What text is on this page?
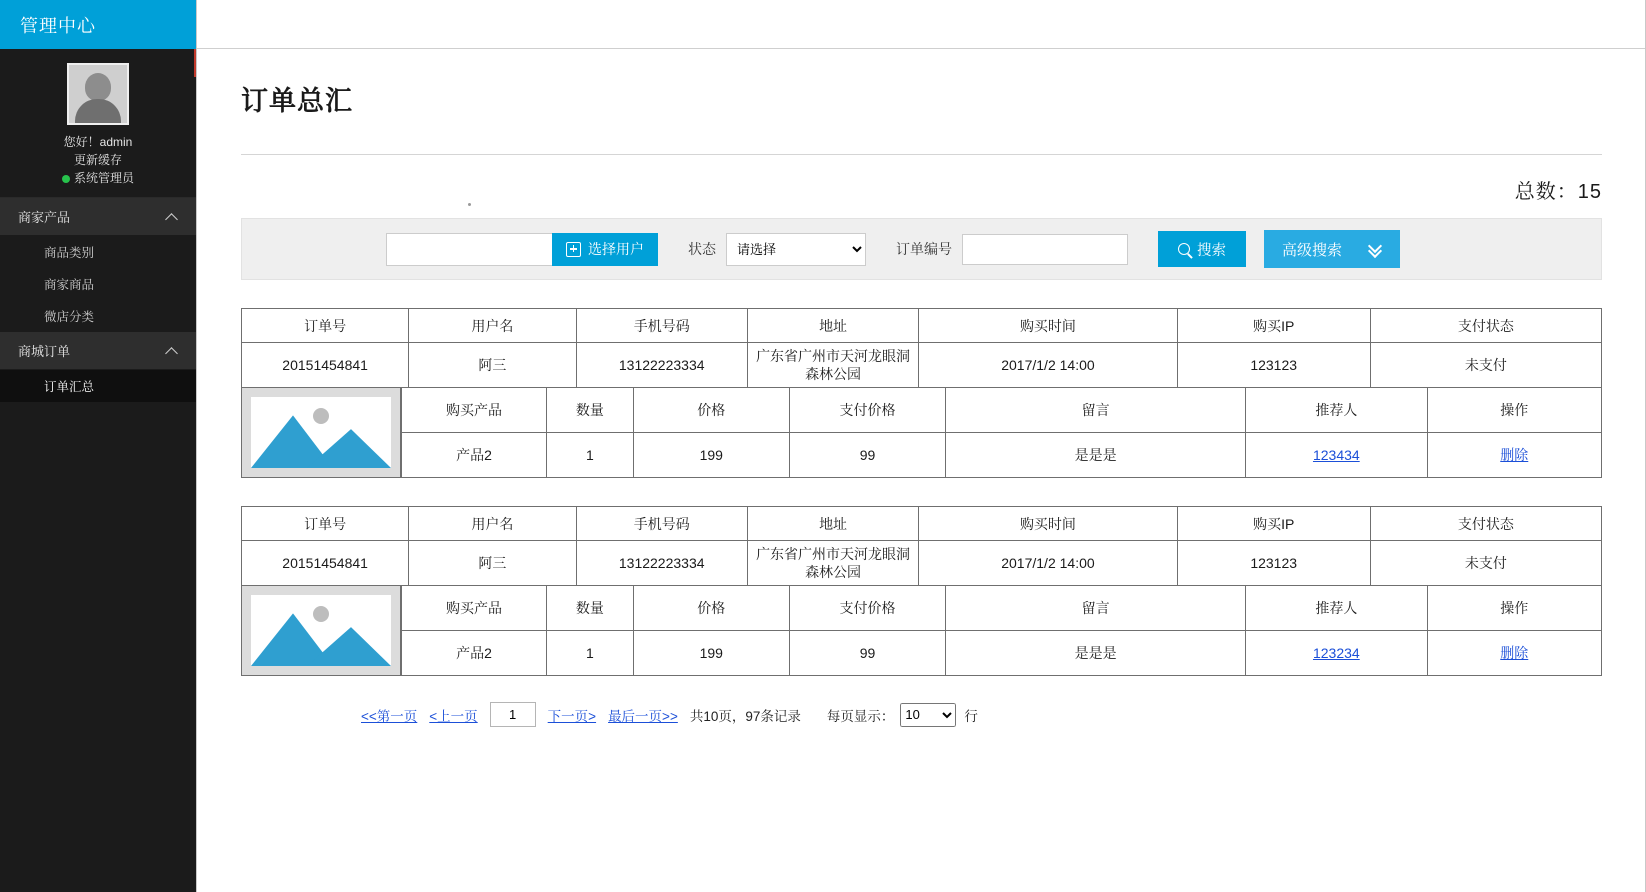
管理中心
您好！admin
更新缓存
系统管理员
商家产品
商品类别
商家商品
微店分类
商城订单
订单汇总
订单总汇
总数：15
选择用户	状态
请选择	订单编号	搜索	高级搜索
订单号	用户名	手机号码	地址	购买时间	购买IP	支付状态
20151454841	阿三	13122223334	广东省广州市天河龙眼洞森林公园	2017/1/2 14:00	123123	未支付
购买产品	数量	价格	支付价格	留言	推荐人	操作
产品2	1	199	99	是是是	123434	删除
订单号	用户名	手机号码	地址	购买时间	购买IP	支付状态
20151454841	阿三	13122223334	广东省广州市天河龙眼洞森林公园	2017/1/2 14:00	123123	未支付
购买产品	数量	价格	支付价格	留言	推荐人	操作
产品2	1	199	99	是是是	123234	删除
<<第一页 <上一页
1	下一页> 最后一页>> 共10页，97条记录 每页显示：
10	行
